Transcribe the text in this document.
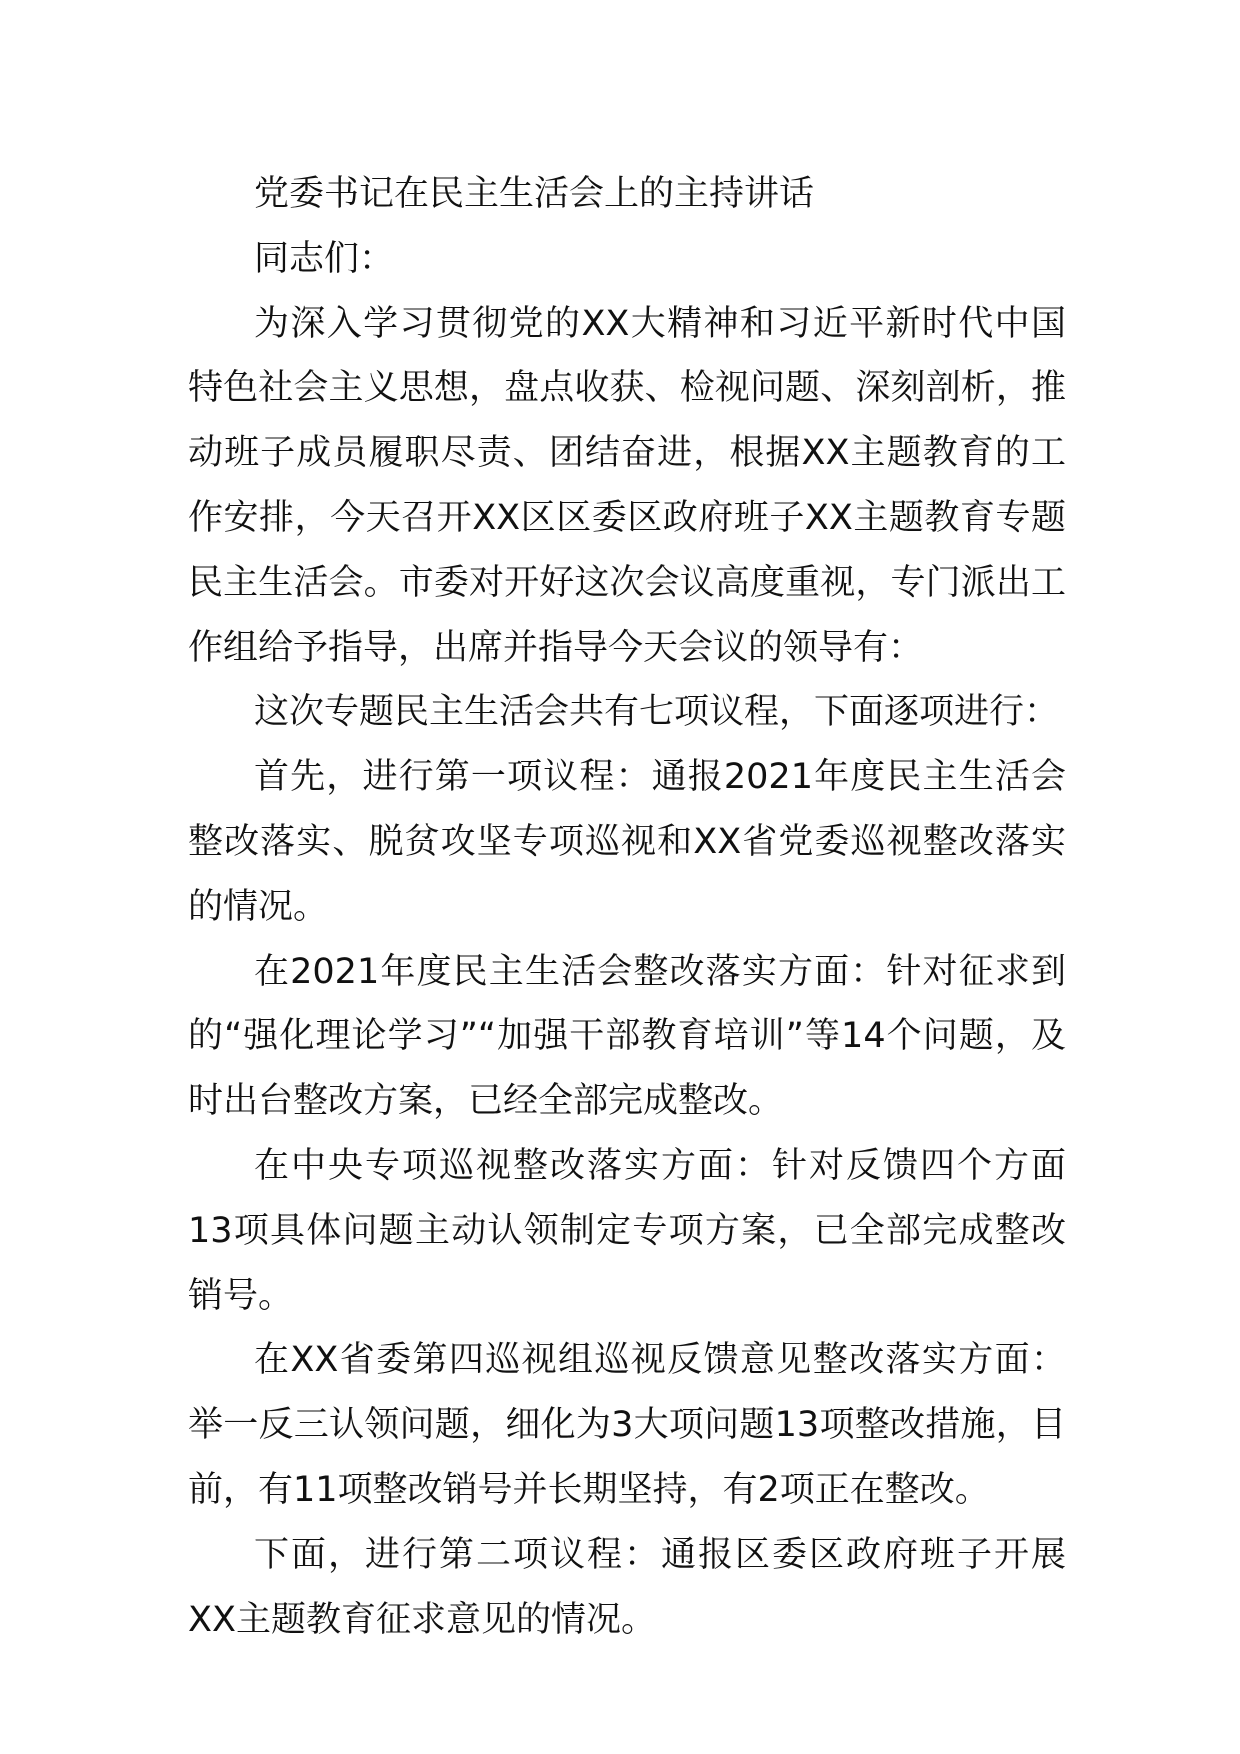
党委书记在民主生活会上的主持讲话

同志们：

为深入学习贯彻党的XX大精神和习近平新时代中国特色社会主义思想，盘点收获、检视问题、深刻剖析，推动班子成员履职尽责、团结奋进，根据XX主题教育的工作安排，今天召开XX区区委区政府班子XX主题教育专题民主生活会。市委对开好这次会议高度重视，专门派出工作组给予指导，出席并指导今天会议的领导有：

这次专题民主生活会共有七项议程，下面逐项进行：

首先，进行第一项议程：通报2021年度民主生活会整改落实、脱贫攻坚专项巡视和XX省党委巡视整改落实的情况。

在2021年度民主生活会整改落实方面：针对征求到的“强化理论学习”“加强干部教育培训”等14个问题，及时出台整改方案，已经全部完成整改。

在中央专项巡视整改落实方面：针对反馈四个方面13项具体问题主动认领制定专项方案，已全部完成整改销号。

在XX省委第四巡视组巡视反馈意见整改落实方面：举一反三认领问题，细化为3大项问题13项整改措施，目前，有11项整改销号并长期坚持，有2项正在整改。

下面，进行第二项议程：通报区委区政府班子开展XX主题教育征求意见的情况。
